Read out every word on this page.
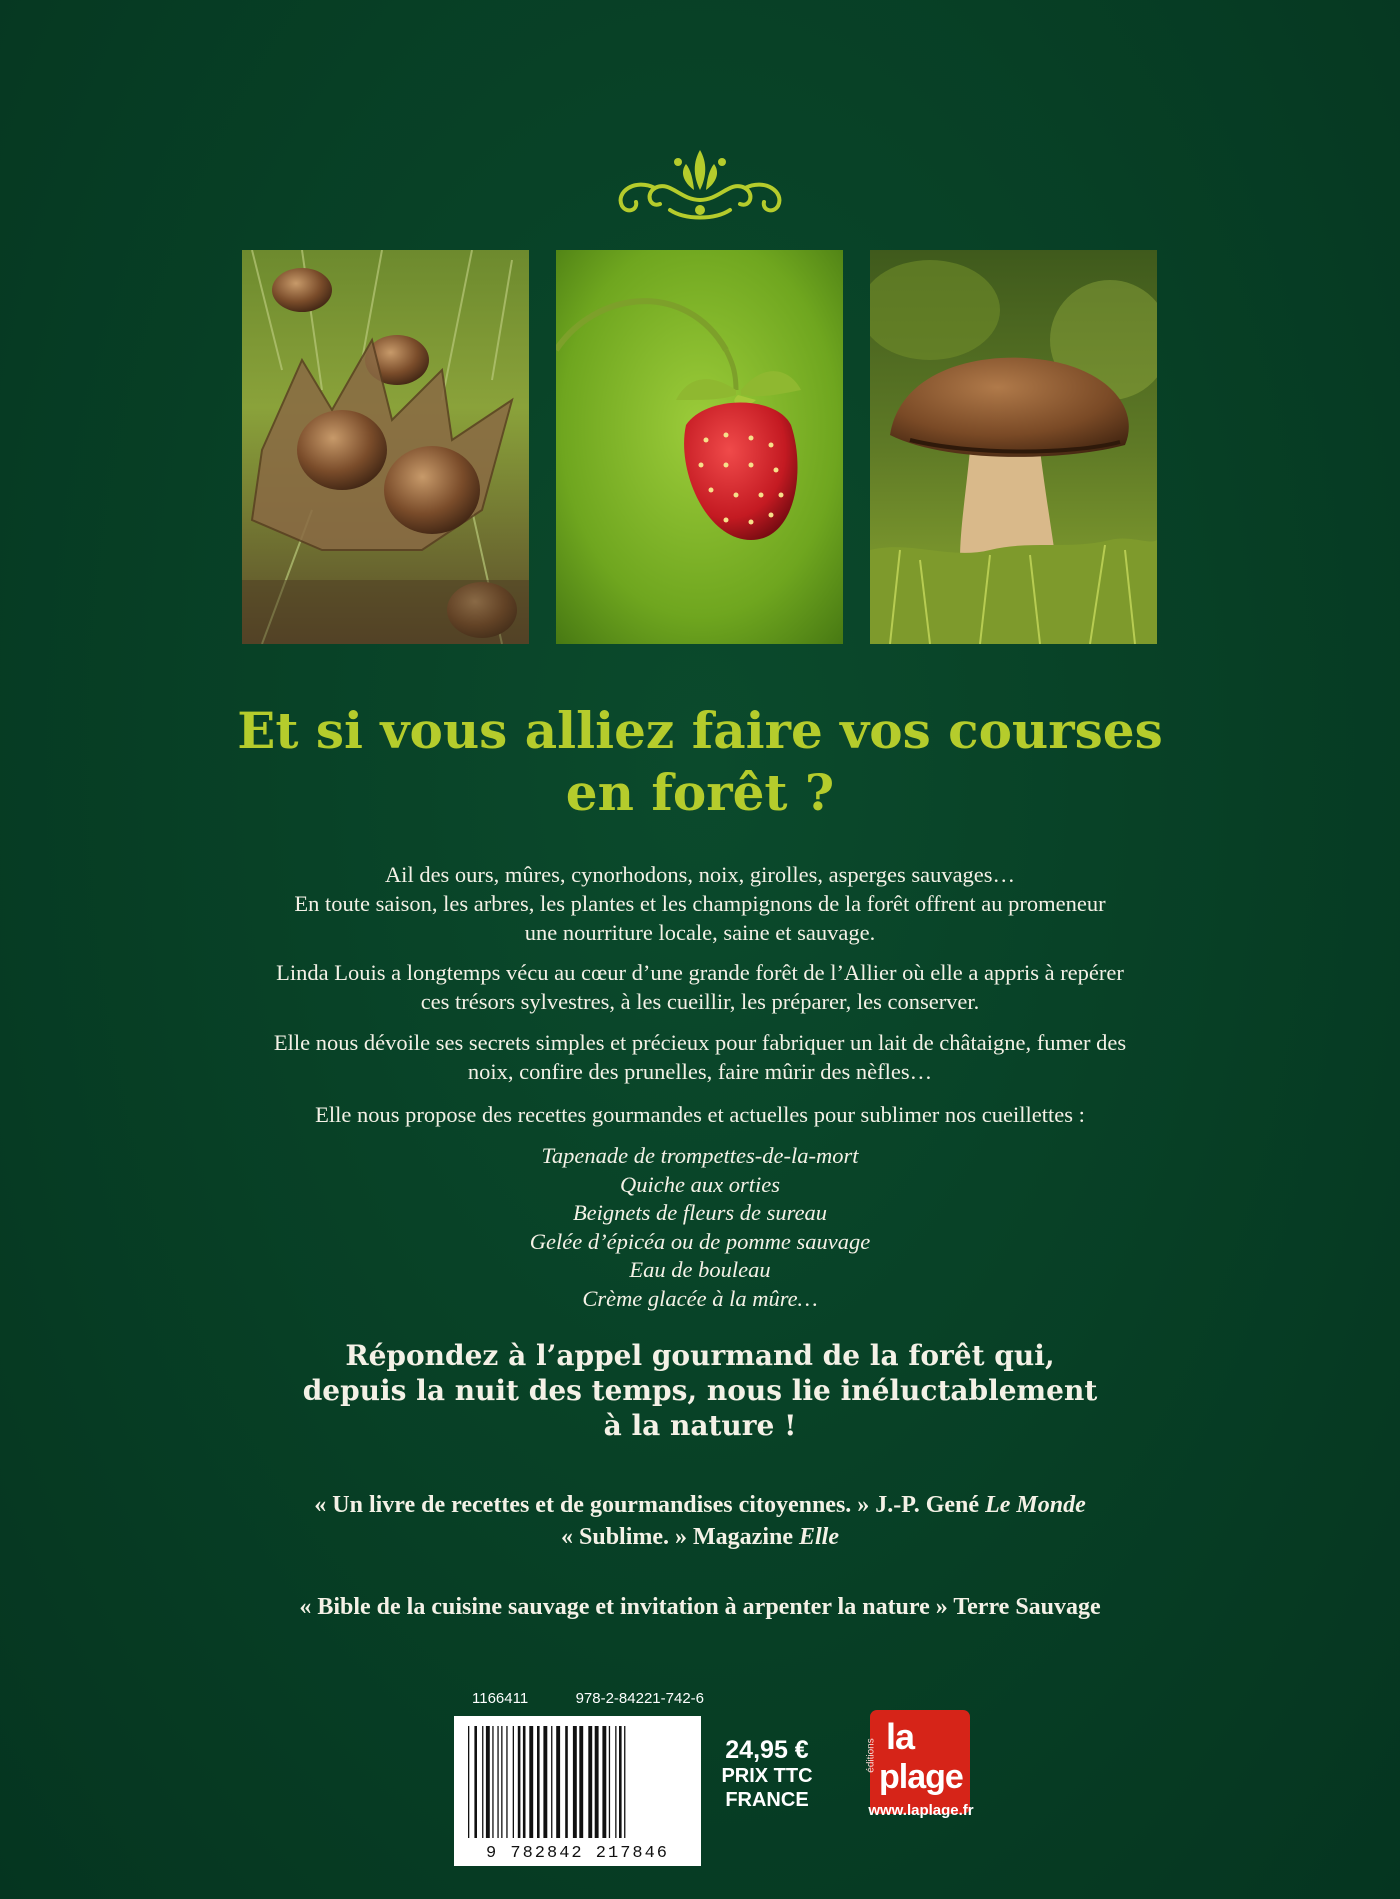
Et si vous alliez faire vos courses
en forêt ?

Ail des ours, mûres, cynorhodons, noix, girolles, asperges sauvages…
En toute saison, les arbres, les plantes et les champignons de la forêt offrent au promeneur
une nourriture locale, saine et sauvage.

Linda Louis a longtemps vécu au cœur d’une grande forêt de l’Allier où elle a appris à repérer
ces trésors sylvestres, à les cueillir, les préparer, les conserver.

Elle nous dévoile ses secrets simples et précieux pour fabriquer un lait de châtaigne, fumer des
noix, confire des prunelles, faire mûrir des nèfles…

Elle nous propose des recettes gourmandes et actuelles pour sublimer nos cueillettes :

Tapenade de trompettes-de-la-mort
Quiche aux orties
Beignets de fleurs de sureau
Gelée d’épicéa ou de pomme sauvage
Eau de bouleau
Crème glacée à la mûre…

Répondez à l’appel gourmand de la forêt qui,
depuis la nuit des temps, nous lie inéluctablement
à la nature !

« Un livre de recettes et de gourmandises citoyennes. » J.-P. Gené Le Monde

« Sublime. » Magazine Elle

« Bible de la cuisine sauvage et invitation à arpenter la nature » Terre Sauvage

1166411	978-2-84221-742-6
9 782842 217846
24,95 €
PRIX TTC
FRANCE
éditions la
plage
www.laplage.fr
